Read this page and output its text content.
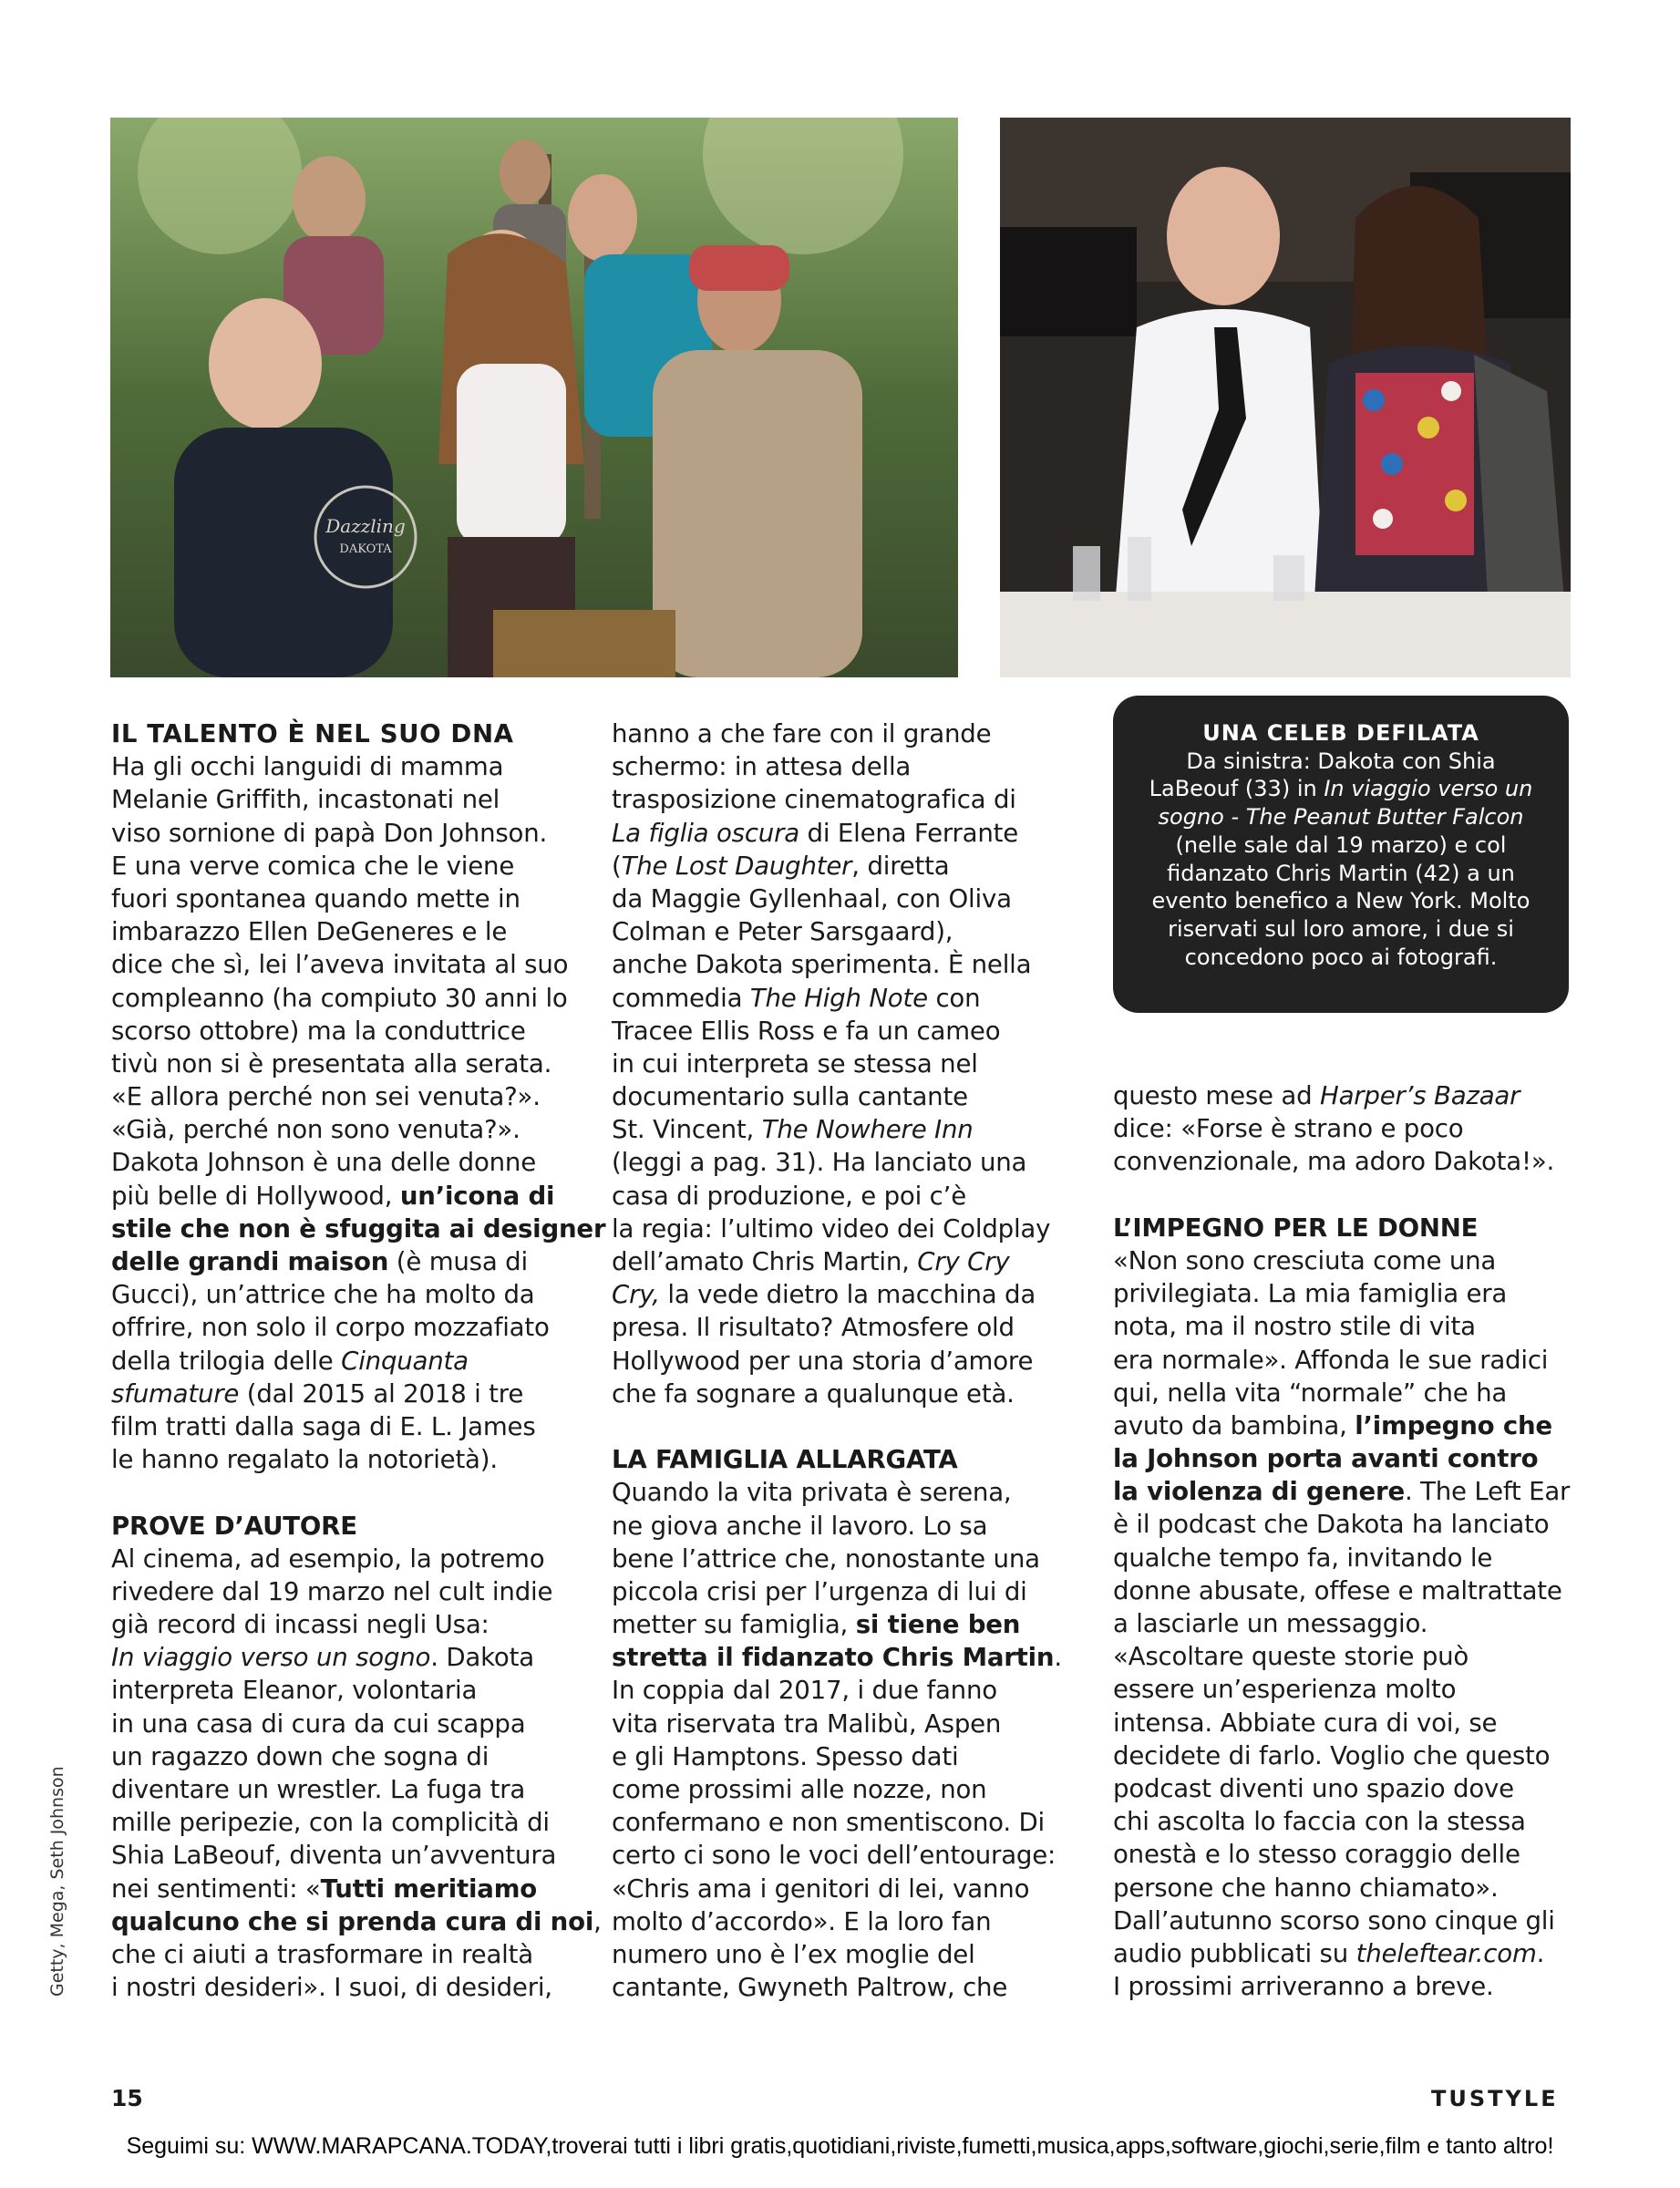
Dazzling
DAKOTA
UNA CELEB DEFILATA
Da sinistra: Dakota con Shia
LaBeouf (33) in In viaggio verso un
sogno - The Peanut Butter Falcon
(nelle sale dal 19 marzo) e col
fidanzato Chris Martin (42) a un
evento benefico a New York. Molto
riservati sul loro amore, i due si
concedono poco ai fotografi.
IL TALENTO È NEL SUO DNA
Ha gli occhi languidi di mamma
Melanie Griffith, incastonati nel
viso sornione di papà Don Johnson.
E una verve comica che le viene
fuori spontanea quando mette in
imbarazzo Ellen DeGeneres e le
dice che sì, lei l’aveva invitata al suo
compleanno (ha compiuto 30 anni lo
scorso ottobre) ma la conduttrice
tivù non si è presentata alla serata.
«E allora perché non sei venuta?».
«Già, perché non sono venuta?».
Dakota Johnson è una delle donne
più belle di Hollywood, un’icona di
stile che non è sfuggita ai designer
delle grandi maison (è musa di
Gucci), un’attrice che ha molto da
offrire, non solo il corpo mozzafiato
della trilogia delle Cinquanta
sfumature (dal 2015 al 2018 i tre
film tratti dalla saga di E. L. James
le hanno regalato la notorietà).
PROVE D’AUTORE
Al cinema, ad esempio, la potremo
rivedere dal 19 marzo nel cult indie
già record di incassi negli Usa:
In viaggio verso un sogno. Dakota
interpreta Eleanor, volontaria
in una casa di cura da cui scappa
un ragazzo down che sogna di
diventare un wrestler. La fuga tra
mille peripezie, con la complicità di
Shia LaBeouf, diventa un’avventura
nei sentimenti: «Tutti meritiamo
qualcuno che si prenda cura di noi,
che ci aiuti a trasformare in realtà
i nostri desideri». I suoi, di desideri,
hanno a che fare con il grande
schermo: in attesa della
trasposizione cinematografica di
La figlia oscura di Elena Ferrante
(The Lost Daughter, diretta
da Maggie Gyllenhaal, con Oliva
Colman e Peter Sarsgaard),
anche Dakota sperimenta. È nella
commedia The High Note con
Tracee Ellis Ross e fa un cameo
in cui interpreta se stessa nel
documentario sulla cantante
St. Vincent, The Nowhere Inn
(leggi a pag. 31). Ha lanciato una
casa di produzione, e poi c’è
la regia: l’ultimo video dei Coldplay
dell’amato Chris Martin, Cry Cry
Cry, la vede dietro la macchina da
presa. Il risultato? Atmosfere old
Hollywood per una storia d’amore
che fa sognare a qualunque età.
LA FAMIGLIA ALLARGATA
Quando la vita privata è serena,
ne giova anche il lavoro. Lo sa
bene l’attrice che, nonostante una
piccola crisi per l’urgenza di lui di
metter su famiglia, si tiene ben
stretta il fidanzato Chris Martin.
In coppia dal 2017, i due fanno
vita riservata tra Malibù, Aspen
e gli Hamptons. Spesso dati
come prossimi alle nozze, non
confermano e non smentiscono. Di
certo ci sono le voci dell’entourage:
«Chris ama i genitori di lei, vanno
molto d’accordo». E la loro fan
numero uno è l’ex moglie del
cantante, Gwyneth Paltrow, che
questo mese ad Harper’s Bazaar
dice: «Forse è strano e poco
convenzionale, ma adoro Dakota!».
L’IMPEGNO PER LE DONNE
«Non sono cresciuta come una
privilegiata. La mia famiglia era
nota, ma il nostro stile di vita
era normale». Affonda le sue radici
qui, nella vita “normale” che ha
avuto da bambina, l’impegno che
la Johnson porta avanti contro
la violenza di genere. The Left Ear
è il podcast che Dakota ha lanciato
qualche tempo fa, invitando le
donne abusate, offese e maltrattate
a lasciarle un messaggio.
«Ascoltare queste storie può
essere un’esperienza molto
intensa. Abbiate cura di voi, se
decidete di farlo. Voglio che questo
podcast diventi uno spazio dove
chi ascolta lo faccia con la stessa
onestà e lo stesso coraggio delle
persone che hanno chiamato».
Dall’autunno scorso sono cinque gli
audio pubblicati su theleftear.com.
I prossimi arriveranno a breve.
Getty, Mega, Seth Johnson
15	TUSTYLE
Seguimi su: WWW.MARAPCANA.TODAY,troverai tutti i libri gratis,quotidiani,riviste,fumetti,musica,apps,software,giochi,serie,film e tanto altro!
